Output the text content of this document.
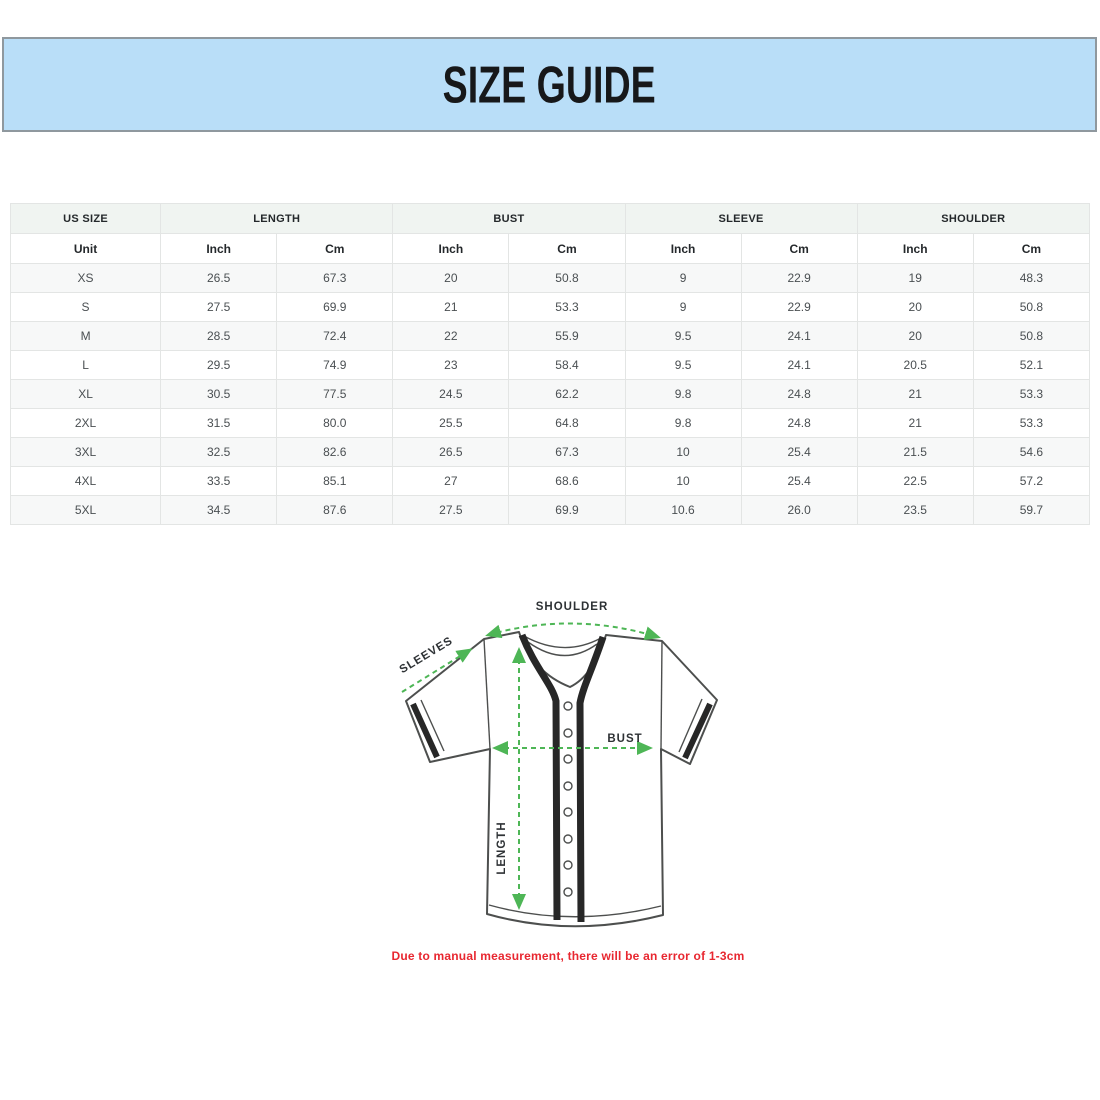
SIZE GUIDE
US SIZE	LENGTH		BUST		SLEEVE		SHOULDER	
Unit	Inch	Cm	Inch	Cm	Inch	Cm	Inch	Cm
XS	26.5	67.3	20	50.8	9	22.9	19	48.3
S	27.5	69.9	21	53.3	9	22.9	20	50.8
M	28.5	72.4	22	55.9	9.5	24.1	20	50.8
L	29.5	74.9	23	58.4	9.5	24.1	20.5	52.1
XL	30.5	77.5	24.5	62.2	9.8	24.8	21	53.3
2XL	31.5	80.0	25.5	64.8	9.8	24.8	21	53.3
3XL	32.5	82.6	26.5	67.3	10	25.4	21.5	54.6
4XL	33.5	85.1	27	68.6	10	25.4	22.5	57.2
5XL	34.5	87.6	27.5	69.9	10.6	26.0	23.5	59.7
SHOULDER
SLEEVES
BUST
LENGTH
Due to manual measurement, there will be an error of 1-3cm
